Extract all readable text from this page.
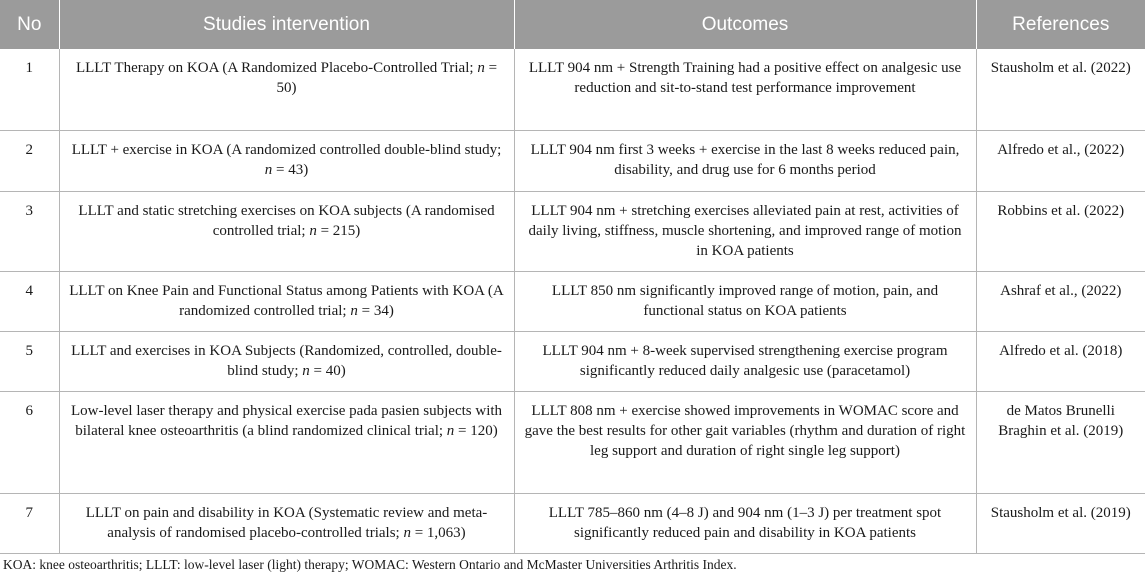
No	Studies intervention	Outcomes	References
1	LLLT Therapy on KOA (A Randomized Placebo-Controlled Trial; n = 50)	LLLT 904 nm + Strength Training had a positive effect on analgesic use reduction and sit-to-stand test performance improvement	Stausholm et al. (2022)
2	LLLT + exercise in KOA (A randomized controlled double-blind study; n = 43)	LLLT 904 nm first 3 weeks + exercise in the last 8 weeks reduced pain, disability, and drug use for 6 months period	Alfredo et al., (2022)
3	LLLT and static stretching exercises on KOA subjects (A randomised controlled trial; n = 215)	LLLT 904 nm + stretching exercises alleviated pain at rest, activities of daily living, stiffness, muscle shortening, and improved range of motion in KOA patients	Robbins et al. (2022)
4	LLLT on Knee Pain and Functional Status among Patients with KOA (A randomized controlled trial; n = 34)	LLLT 850 nm significantly improved range of motion, pain, and functional status on KOA patients	Ashraf et al., (2022)
5	LLLT and exercises in KOA Subjects (Randomized, controlled, double-blind study; n = 40)	LLLT 904 nm + 8-week supervised strengthening exercise program significantly reduced daily analgesic use (paracetamol)	Alfredo et al. (2018)
6	Low-level laser therapy and physical exercise pada pasien subjects with bilateral knee osteoarthritis (a blind randomized clinical trial; n = 120)	LLLT 808 nm + exercise showed improvements in WOMAC score and gave the best results for other gait variables (rhythm and duration of right leg support and duration of right single leg support)	de Matos Brunelli Braghin et al. (2019)
7	LLLT on pain and disability in KOA (Systematic review and meta-analysis of randomised placebo-controlled trials; n = 1,063)	LLLT 785–860 nm (4–8 J) and 904 nm (1–3 J) per treatment spot significantly reduced pain and disability in KOA patients	Stausholm et al. (2019)
KOA: knee osteoarthritis; LLLT: low-level laser (light) therapy; WOMAC: Western Ontario and McMaster Universities Arthritis Index.
